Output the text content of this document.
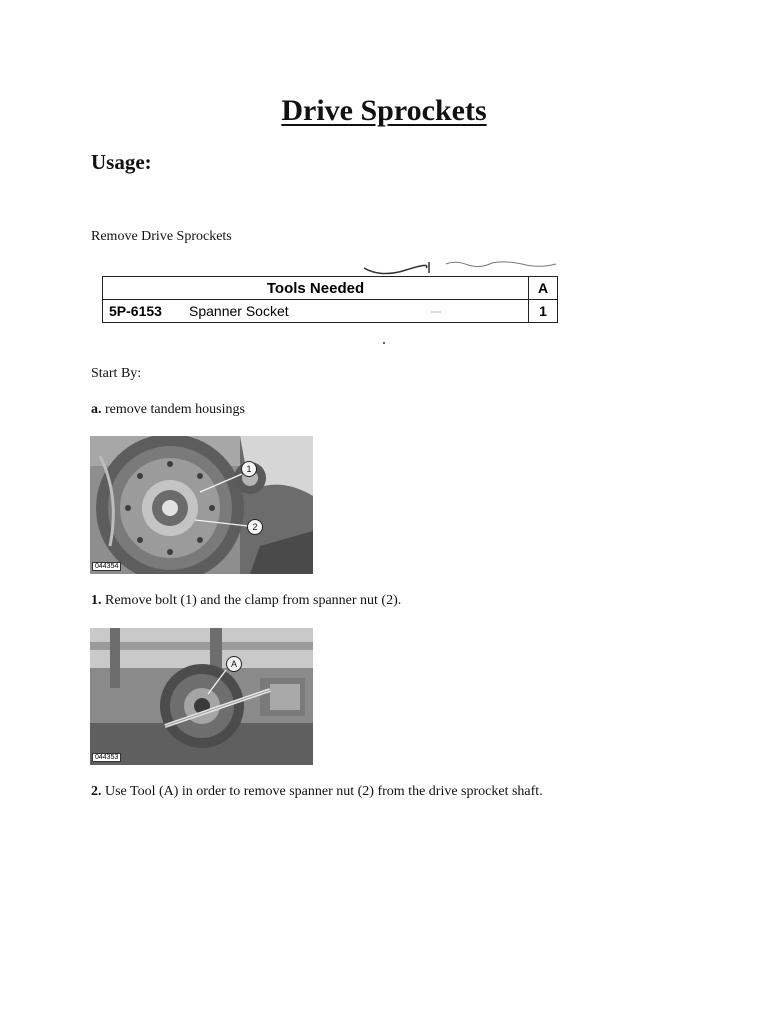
Drive Sprockets
Usage:
Remove Drive Sprockets
Tools Needed	A
5P-6153 Spanner Socket	1
Start By:
a. remove tandem housings
1
2
044354
1. Remove bolt (1) and the clamp from spanner nut (2).
A
044353
2. Use Tool (A) in order to remove spanner nut (2) from the drive sprocket shaft.
